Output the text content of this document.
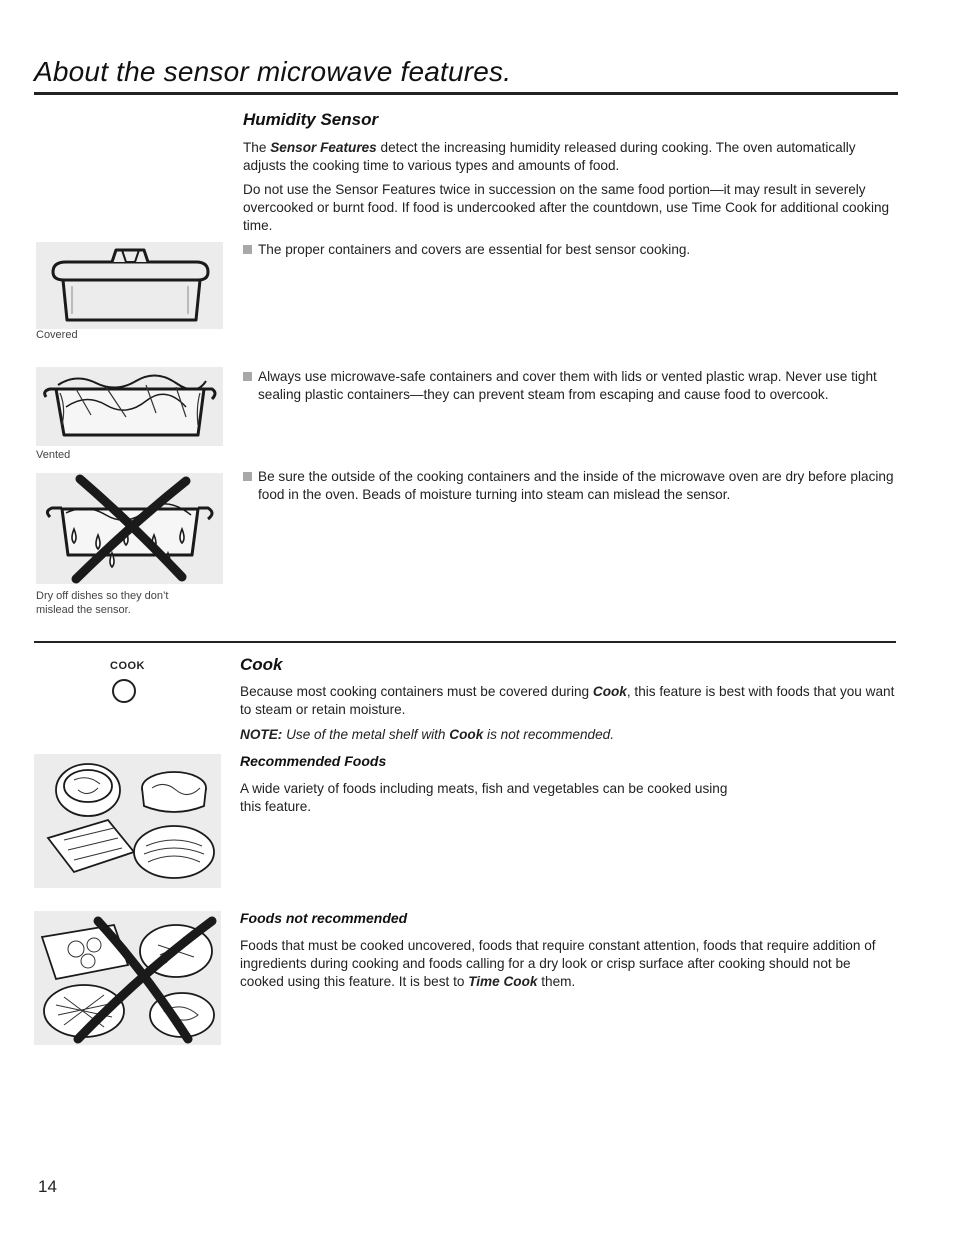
About the sensor microwave features.
Humidity Sensor

The Sensor Features detect the increasing humidity released during cooking. The oven automatically adjusts the cooking time to various types and amounts of food.

Do not use the Sensor Features twice in succession on the same food portion—it may result in severely overcooked or burnt food. If food is undercooked after the countdown, use Time Cook for additional cooking time.

The proper containers and covers are essential for best sensor cooking.
Always use microwave-safe containers and cover them with lids or vented plastic wrap. Never use tight sealing plastic containers—they can prevent steam from escaping and cause food to overcook.
Be sure the outside of the cooking containers and the inside of the microwave oven are dry before placing food in the oven. Beads of moisture turning into steam can mislead the sensor.
Covered
Vented
Dry off dishes so they don’t
mislead the sensor.
COOK	Cook

Because most cooking containers must be covered during Cook, this feature is best with foods that you want to steam or retain moisture.

NOTE: Use of the metal shelf with Cook is not recommended.

Recommended Foods
A wide variety of foods including meats, fish and vegetables can be cooked using
this feature.
Foods not recommended

Foods that must be cooked uncovered, foods that require constant attention, foods that require addition of ingredients during cooking and foods calling for a dry look or crisp surface after cooking should not be cooked using this feature. It is best to Time Cook them.

14
